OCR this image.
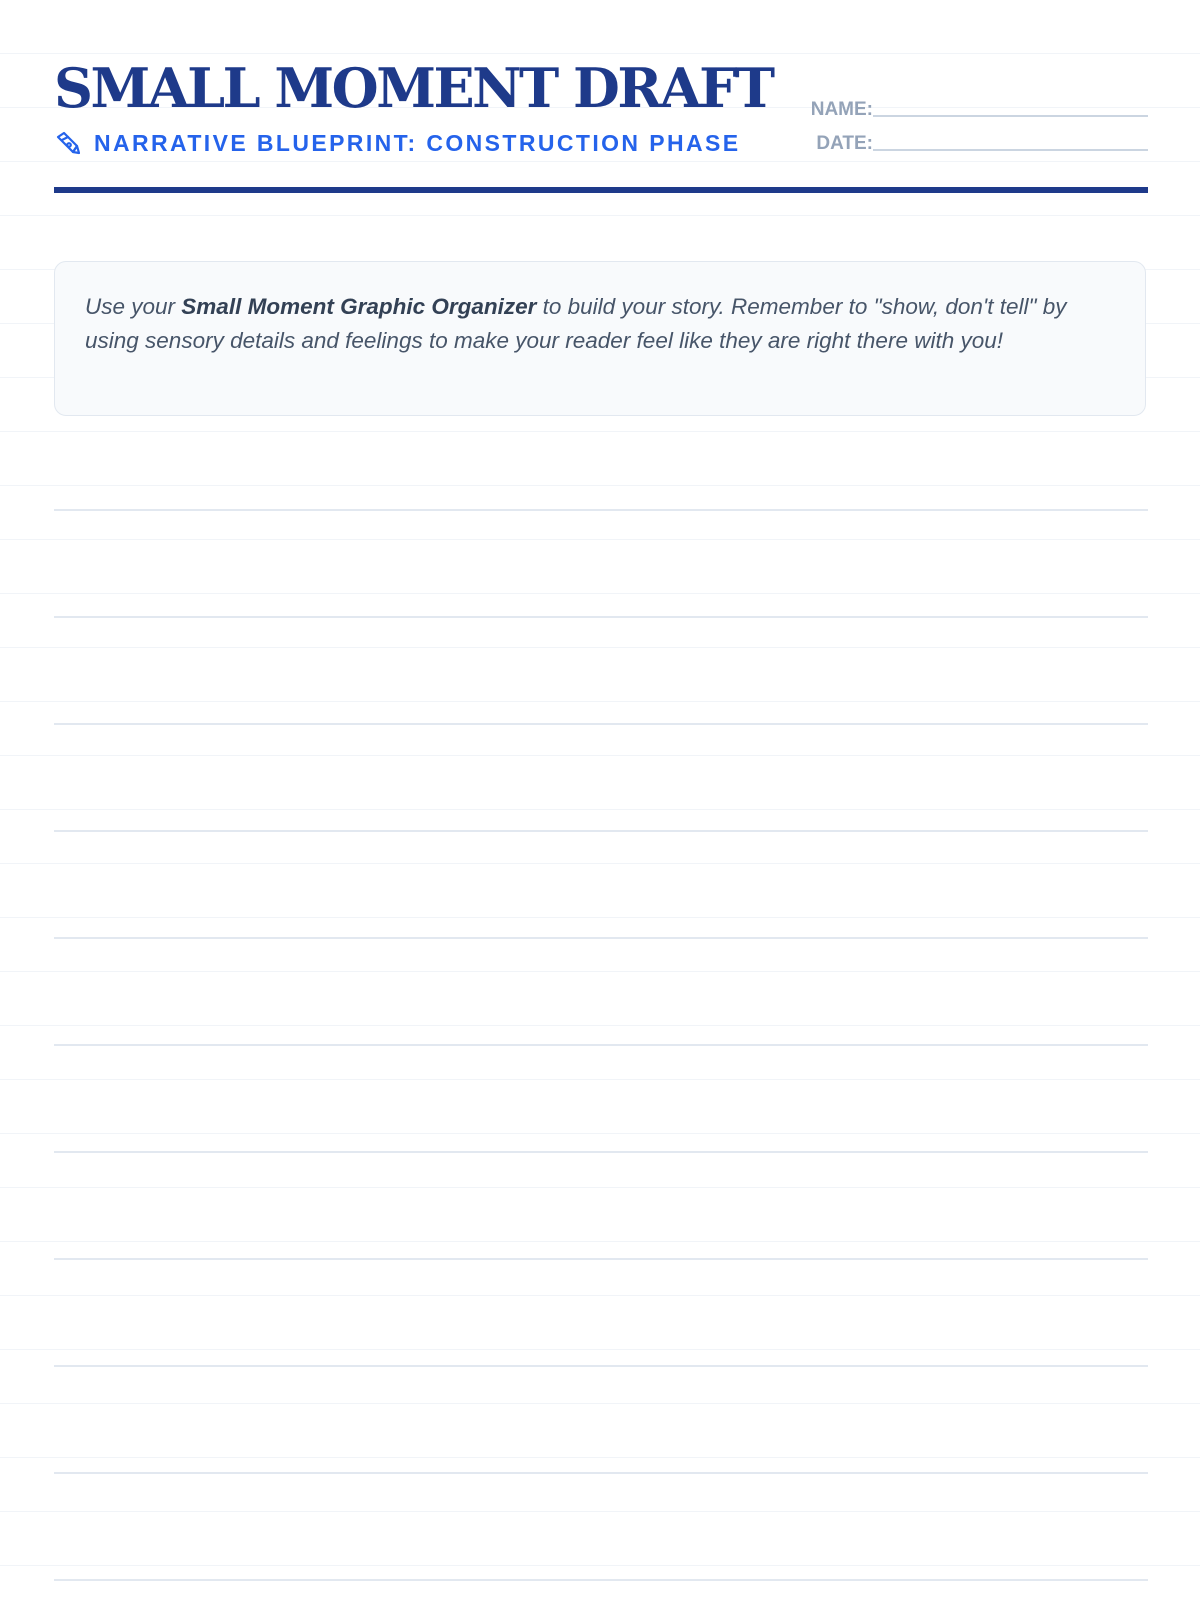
SMALL MOMENT DRAFT
NARRATIVE BLUEPRINT: CONSTRUCTION PHASE
NAME:
DATE:

Use your Small Moment Graphic Organizer to build your story. Remember to "show, don't tell" by using sensory details and feelings to make your reader feel like they are right there with you!
